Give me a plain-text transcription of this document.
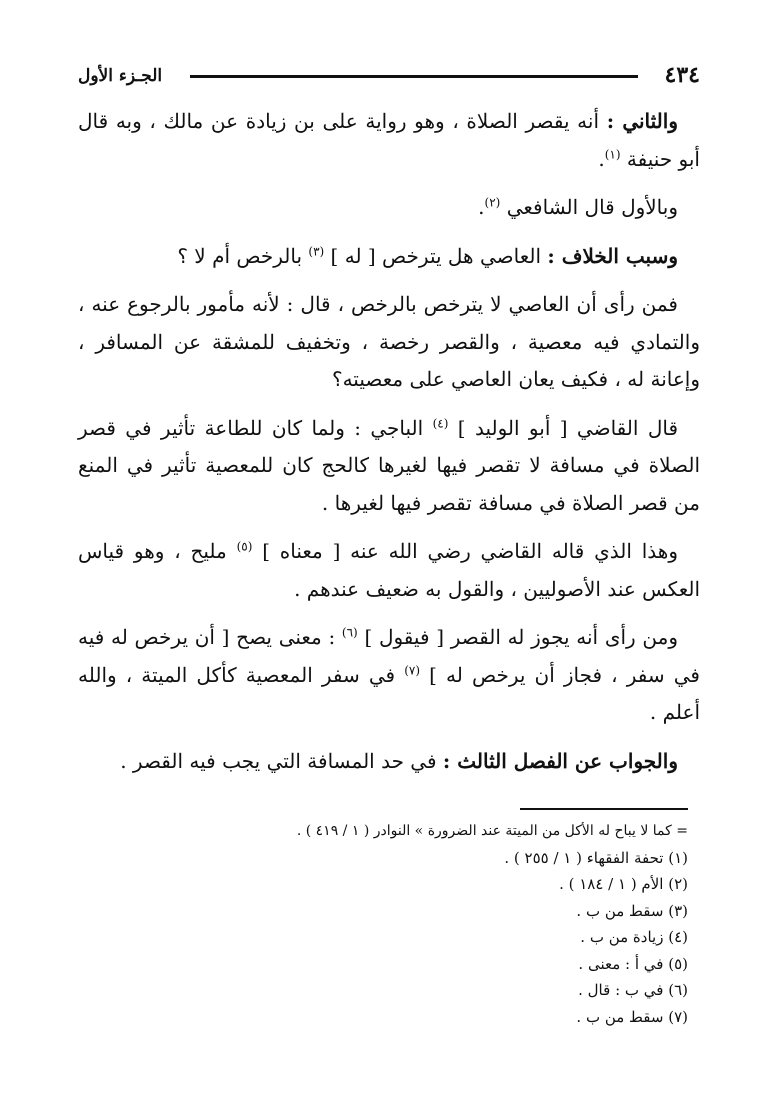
٤٣٤
الجـزء الأول

والثاني : أنه يقصر الصلاة ، وهو رواية على بن زيادة عن مالك ، وبه قال أبو حنيفة $^{(١)}$.

وبالأول قال الشافعي $^{(٢)}$.

وسبب الخلاف : العاصي هل يترخص [ له ] $^{(٣)}$ بالرخص أم لا ؟

فمن رأى أن العاصي لا يترخص بالرخص ، قال : لأنه مأمور بالرجوع عنه ، والتمادي فيه معصية ، والقصر رخصة ، وتخفيف للمشقة عن المسافر ، وإعانة له ، فكيف يعان العاصي على معصيته؟

قال القاضي [ أبو الوليد ] $^{(٤)}$ الباجي : ولما كان للطاعة تأثير في قصر الصلاة في مسافة لا تقصر فيها لغيرها كالحج كان للمعصية تأثير في المنع من قصر الصلاة في مسافة تقصر فيها لغيرها .

وهذا الذي قاله القاضي رضي الله عنه [ معناه ] $^{(٥)}$ مليح ، وهو قياس العكس عند الأصوليين ، والقول به ضعيف عندهم .

ومن رأى أنه يجوز له القصر [ فيقول ] $^{(٦)}$ : معنى يصح [ أن يرخص له فيه في سفر ، فجاز أن يرخص له ] $^{(٧)}$ في سفر المعصية كأكل الميتة ، والله أعلم .

والجواب عن الفصل الثالث : في حد المسافة التي يجب فيه القصر .

= كما لا يباح له الأكل من الميتة عند الضرورة » النوادر ( ١ / ٤١٩ ) .
(١) تحفة الفقهاء ( ١ / ٢٥٥ ) .
(٢) الأم ( ١ / ١٨٤ ) .
(٣) سقط من ب .
(٤) زيادة من ب .
(٥) في أ : معنى .
(٦) في ب : قال .
(٧) سقط من ب .
